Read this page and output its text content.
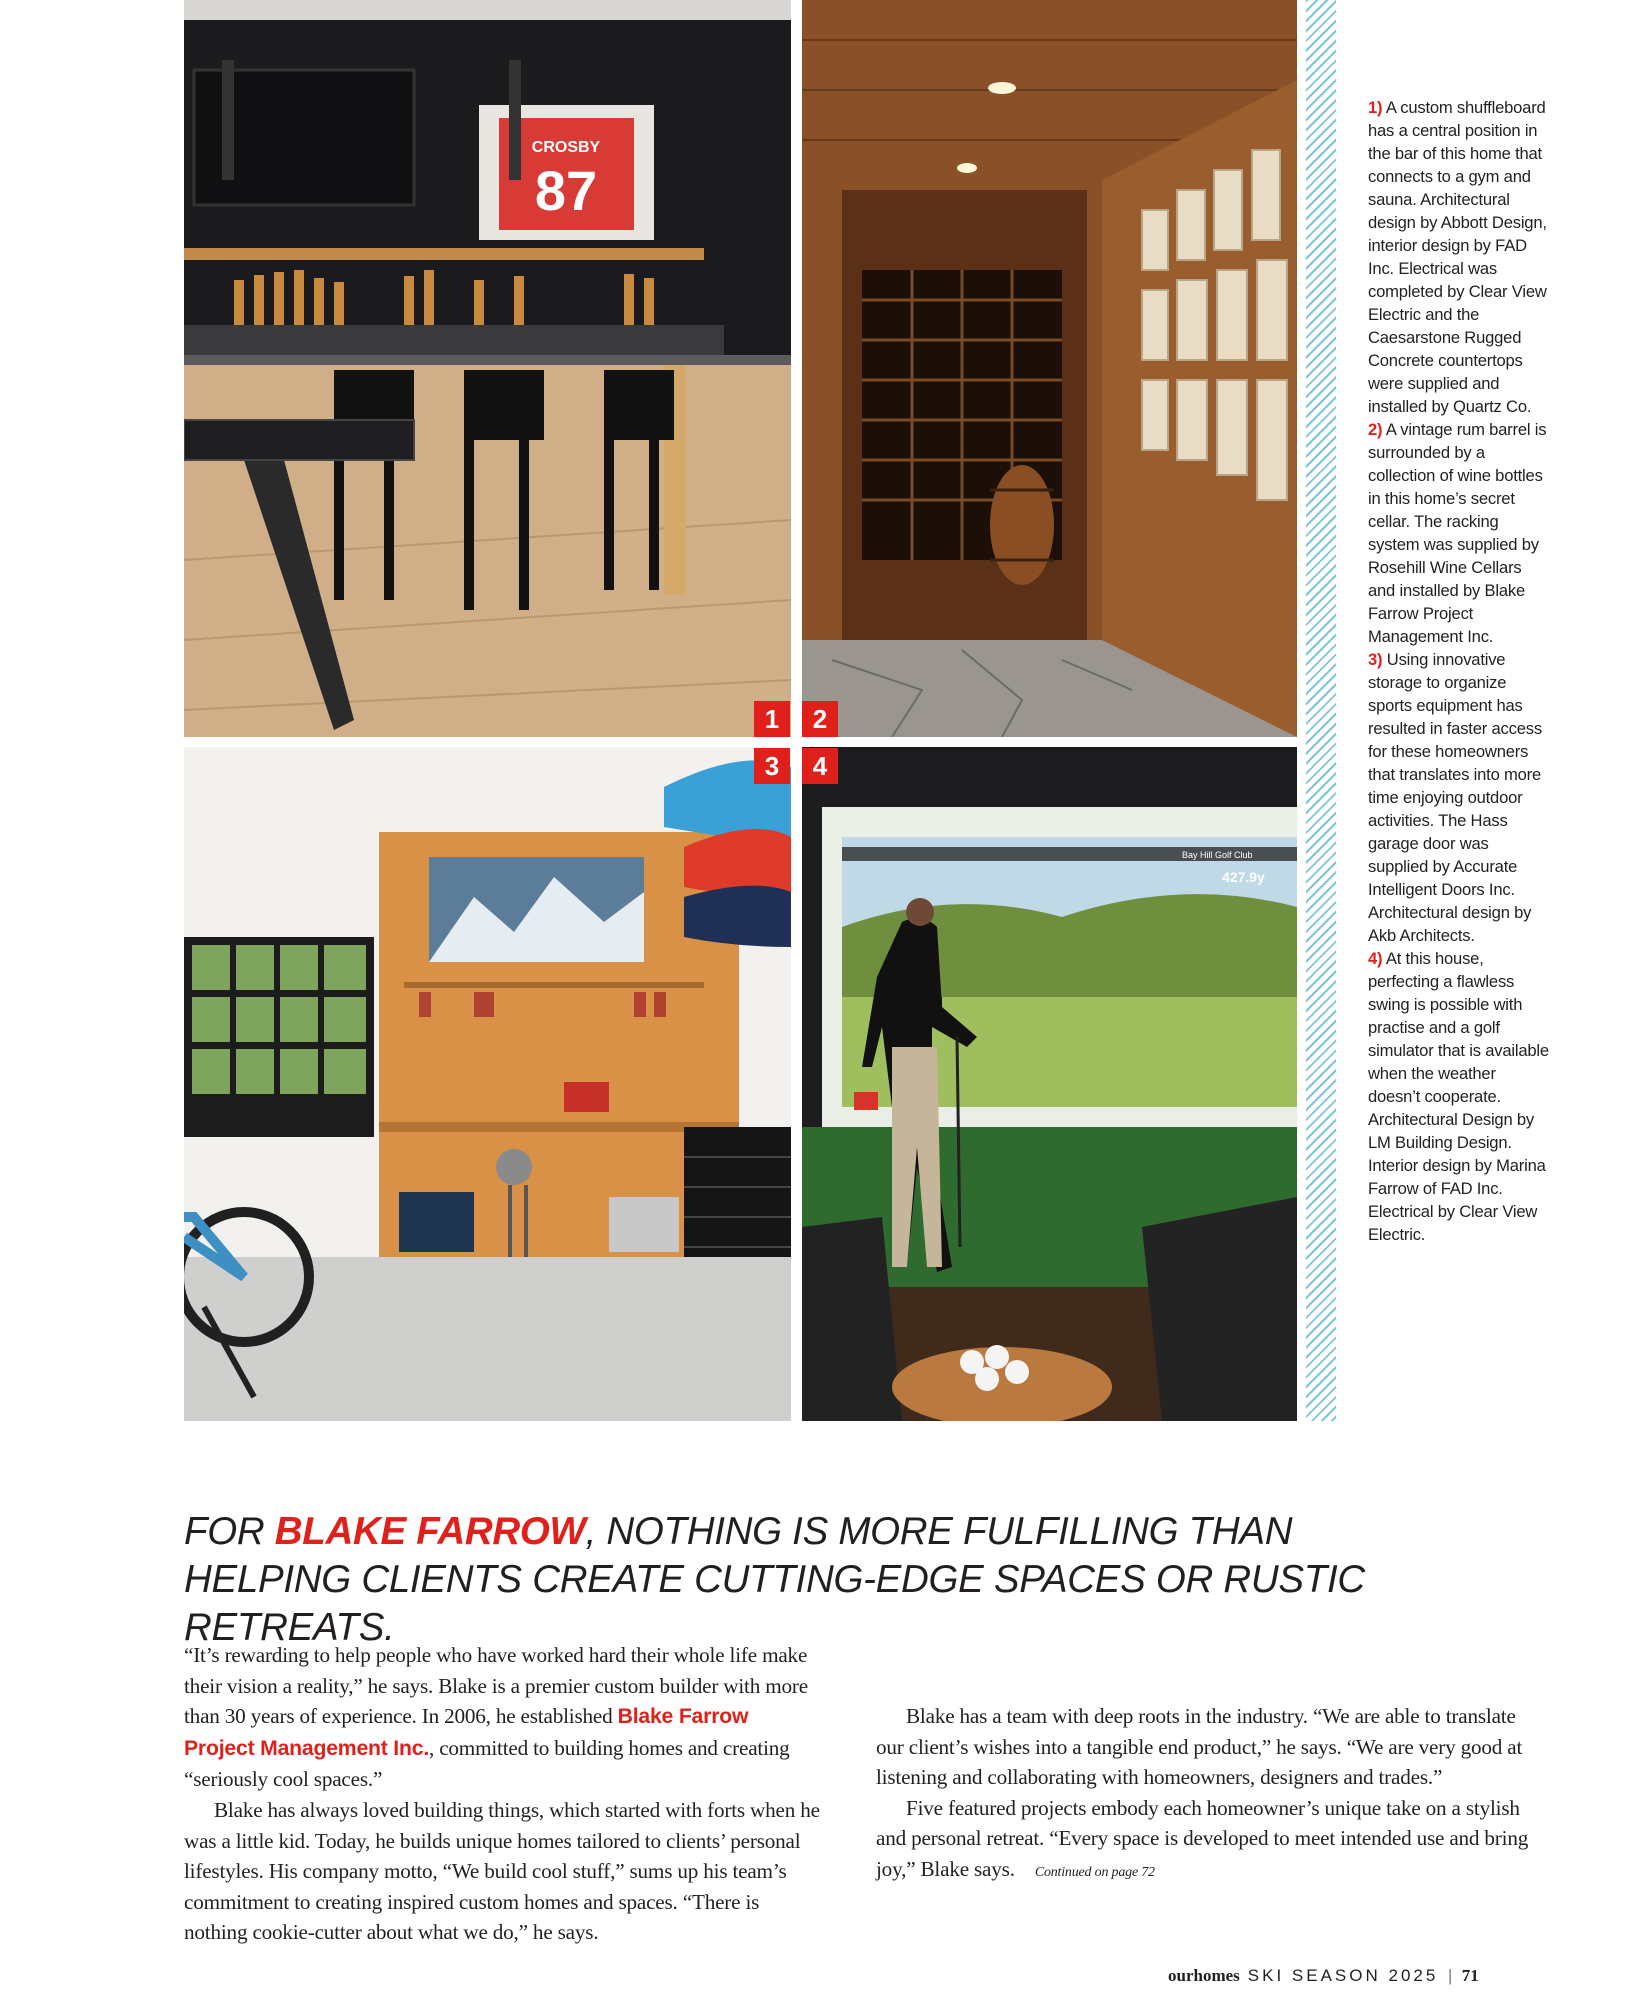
CROSBY
87
Bay Hill Golf Club
427.9y
1	2
3	4
1) A custom shuffleboard has a central position in the bar of this home that connects to a gym and sauna. Architectural design by Abbott Design, interior design by FAD Inc. Electrical was completed by Clear View Electric and the Caesarstone Rugged Concrete countertops were supplied and installed by Quartz Co.
2) A vintage rum barrel is surrounded by a collection of wine bottles in this home’s secret cellar. The racking system was supplied by Rosehill Wine Cellars and installed by Blake Farrow Project Management Inc.
3) Using innovative storage to organize sports equipment has resulted in faster access for these homeowners that translates into more time enjoying outdoor activities. The Hass garage door was supplied by Accurate Intelligent Doors Inc. Architectural design by Akb Architects.
4) At this house, perfecting a flawless swing is possible with practise and a golf simulator that is available when the weather doesn’t cooperate. Architectural Design by LM Building Design. Interior design by Marina Farrow of FAD Inc. Electrical by Clear View Electric.
FOR BLAKE FARROW, NOTHING IS MORE FULFILLING THAN HELPING CLIENTS CREATE CUTTING-EDGE SPACES OR RUSTIC RETREATS.

“It’s rewarding to help people who have worked hard their whole life make their vision a reality,” he says. Blake is a premier custom builder with more than 30 years of experience. In 2006, he established Blake Farrow Project Management Inc., committed to building homes and creating “seriously cool spaces.”

Blake has always loved building things, which started with forts when he was a little kid. Today, he builds unique homes tailored to clients’ personal lifestyles. His company motto, “We build cool stuff,” sums up his team’s commitment to creating inspired custom homes and spaces. “There is nothing cookie-cutter about what we do,” he says.

Blake has a team with deep roots in the industry. “We are able to translate our client’s wishes into a tangible end product,” he says. “We are very good at listening and collaborating with homeowners, designers and trades.”

Five featured projects embody each homeowner’s unique take on a stylish and personal retreat. “Every space is developed to meet intended use and bring joy,” Blake says. Continued on page 72

ourhomes SKI SEASON 2025 | 71
